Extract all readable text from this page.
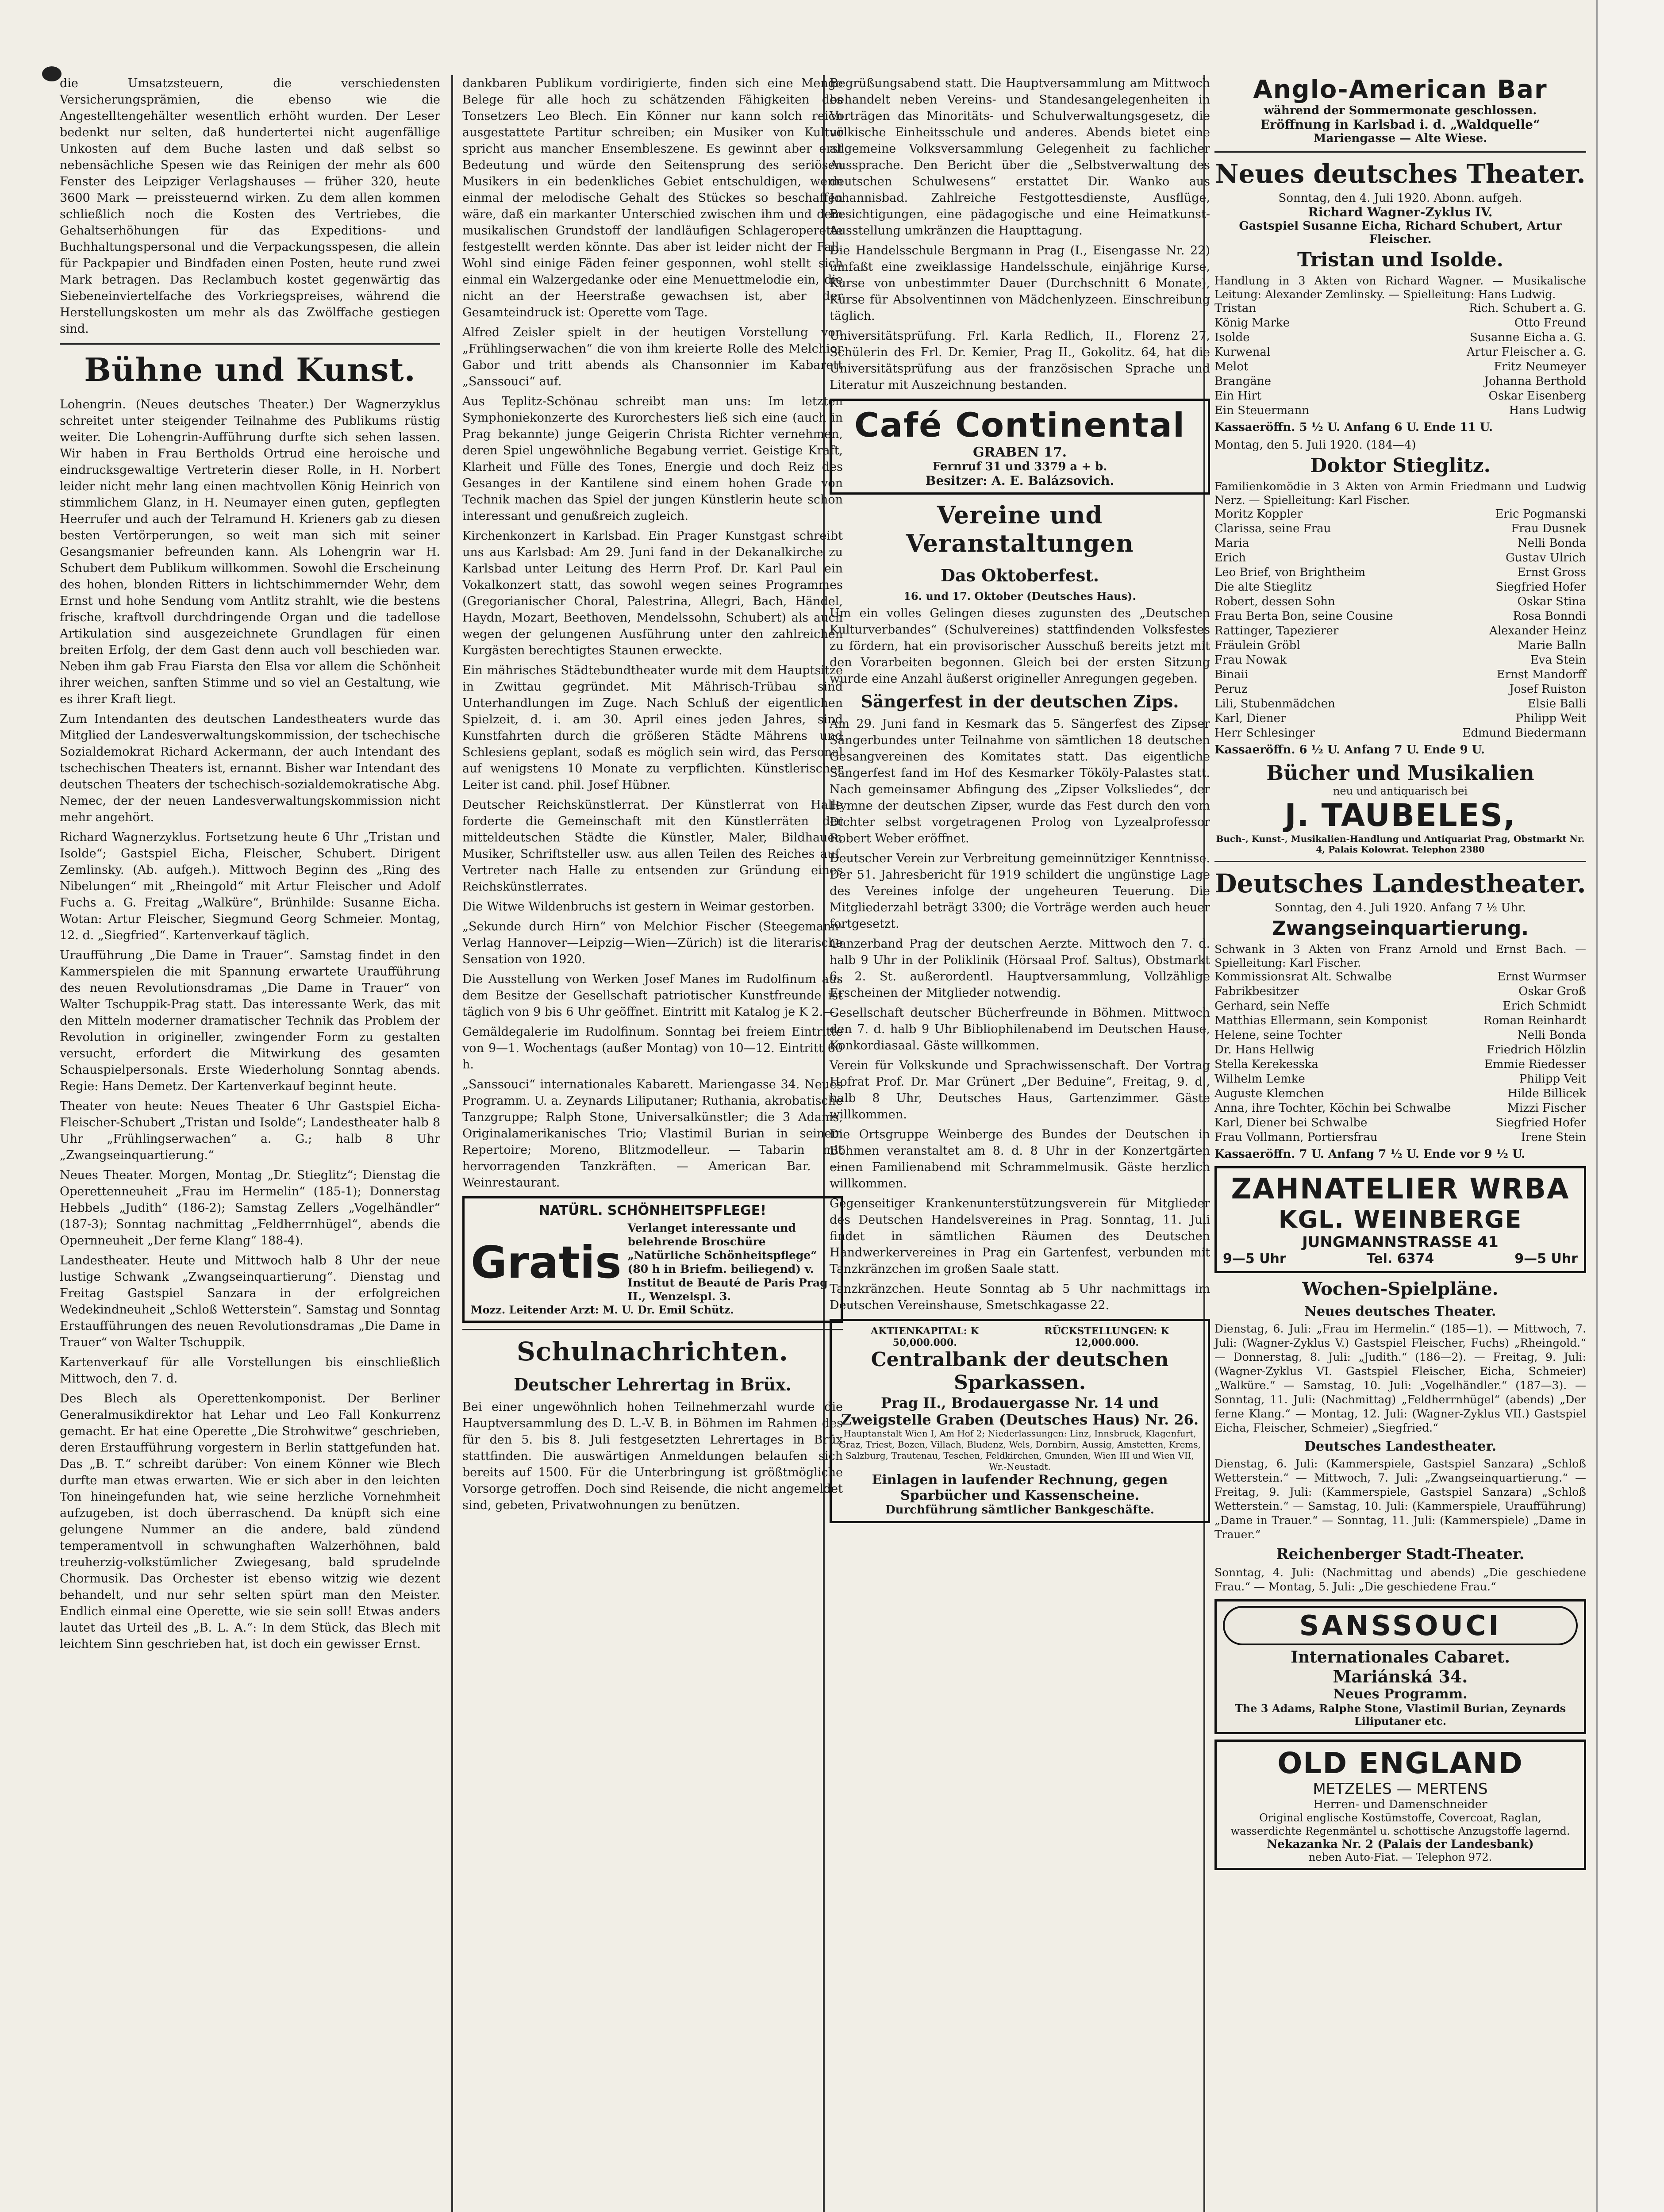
die Umsatzsteuern, die verschiedensten Versicherungsprämien, die ebenso wie die Angestelltengehälter wesentlich erhöht wurden. Der Leser bedenkt nur selten, daß hundertertei nicht augenfällige Unkosten auf dem Buche lasten und daß selbst so nebensächliche Spesen wie das Reinigen der mehr als 600 Fenster des Leipziger Verlagshauses — früher 320, heute 3600 Mark — preissteuernd wirken. Zu dem allen kommen schließlich noch die Kosten des Vertriebes, die Gehaltserhöhungen für das Expeditions- und Buchhaltungspersonal und die Verpackungsspesen, die allein für Packpapier und Bindfaden einen Posten, heute rund zwei Mark betragen. Das Reclambuch kostet gegenwärtig das Siebeneinviertelfache des Vorkriegspreises, während die Herstellungskosten um mehr als das Zwölffache gestiegen sind.

Bühne und Kunst.

Lohengrin. (Neues deutsches Theater.) Der Wagnerzyklus schreitet unter steigender Teilnahme des Publikums rüstig weiter. Die Lohengrin-Aufführung durfte sich sehen lassen. Wir haben in Frau Bertholds Ortrud eine heroische und eindrucksgewaltige Vertreterin dieser Rolle, in H. Norbert leider nicht mehr lang einen machtvollen König Heinrich von stimmlichem Glanz, in H. Neumayer einen guten, gepflegten Heerrufer und auch der Telramund H. Krieners gab zu diesen besten Vertörperungen, so weit man sich mit seiner Gesangsmanier befreunden kann. Als Lohengrin war H. Schubert dem Publikum willkommen. Sowohl die Erscheinung des hohen, blonden Ritters in lichtschimmernder Wehr, dem Ernst und hohe Sendung vom Antlitz strahlt, wie die bestens frische, kraftvoll durchdringende Organ und die tadellose Artikulation sind ausgezeichnete Grundlagen für einen breiten Erfolg, der dem Gast denn auch voll beschieden war. Neben ihm gab Frau Fiarsta den Elsa vor allem die Schönheit ihrer weichen, sanften Stimme und so viel an Gestaltung, wie es ihrer Kraft liegt.

Zum Intendanten des deutschen Landestheaters wurde das Mitglied der Landesverwaltungskommission, der tschechische Sozialdemokrat Richard Ackermann, der auch Intendant des tschechischen Theaters ist, ernannt. Bisher war Intendant des deutschen Theaters der tschechisch-sozialdemokratische Abg. Nemec, der der neuen Landesverwaltungskommission nicht mehr angehört.

Richard Wagnerzyklus. Fortsetzung heute 6 Uhr „Tristan und Isolde“; Gastspiel Eicha, Fleischer, Schubert. Dirigent Zemlinsky. (Ab. aufgeh.). Mittwoch Beginn des „Ring des Nibelungen“ mit „Rheingold“ mit Artur Fleischer und Adolf Fuchs a. G. Freitag „Walküre“, Brünhilde: Susanne Eicha. Wotan: Artur Fleischer, Siegmund Georg Schmeier. Montag, 12. d. „Siegfried“. Kartenverkauf täglich.

Uraufführung „Die Dame in Trauer“. Samstag findet in den Kammerspielen die mit Spannung erwartete Uraufführung des neuen Revolutionsdramas „Die Dame in Trauer“ von Walter Tschuppik-Prag statt. Das interessante Werk, das mit den Mitteln moderner dramatischer Technik das Problem der Revolution in origineller, zwingender Form zu gestalten versucht, erfordert die Mitwirkung des gesamten Schauspielpersonals. Erste Wiederholung Sonntag abends. Regie: Hans Demetz. Der Kartenverkauf beginnt heute.

Theater von heute: Neues Theater 6 Uhr Gastspiel Eicha-Fleischer-Schubert „Tristan und Isolde“; Landestheater halb 8 Uhr „Frühlingserwachen“ a. G.; halb 8 Uhr „Zwangseinquartierung.“

Neues Theater. Morgen, Montag „Dr. Stieglitz“; Dienstag die Operettenneuheit „Frau im Hermelin“ (185-1); Donnerstag Hebbels „Judith“ (186-2); Samstag Zellers „Vogelhändler“ (187-3); Sonntag nachmittag „Feldherrnhügel“, abends die Opernneuheit „Der ferne Klang“ 188-4).

Landestheater. Heute und Mittwoch halb 8 Uhr der neue lustige Schwank „Zwangseinquartierung“. Dienstag und Freitag Gastspiel Sanzara in der erfolgreichen Wedekindneuheit „Schloß Wetterstein“. Samstag und Sonntag Erstaufführungen des neuen Revolutionsdramas „Die Dame in Trauer“ von Walter Tschuppik.

Kartenverkauf für alle Vorstellungen bis einschließlich Mittwoch, den 7. d.

Des Blech als Operettenkomponist. Der Berliner Generalmusikdirektor hat Lehar und Leo Fall Konkurrenz gemacht. Er hat eine Operette „Die Strohwitwe“ geschrieben, deren Erstaufführung vorgestern in Berlin stattgefunden hat. Das „B. T.“ schreibt darüber: Von einem Könner wie Blech durfte man etwas erwarten. Wie er sich aber in den leichten Ton hineingefunden hat, wie seine herzliche Vornehmheit aufzugeben, ist doch überraschend. Da knüpft sich eine gelungene Nummer an die andere, bald zündend temperamentvoll in schwunghaften Walzerhöhnen, bald treuherzig-volkstümlicher Zwiegesang, bald sprudelnde Chormusik. Das Orchester ist ebenso witzig wie dezent behandelt, und nur sehr selten spürt man den Meister. Endlich einmal eine Operette, wie sie sein soll! Etwas anders lautet das Urteil des „B. L. A.“: In dem Stück, das Blech mit leichtem Sinn geschrieben hat, ist doch ein gewisser Ernst.

dankbaren Publikum vordirigierte, finden sich eine Menge Belege für alle hoch zu schätzenden Fähigkeiten des Tonsetzers Leo Blech. Ein Könner nur kann solch reich ausgestattete Partitur schreiben; ein Musiker von Kultur spricht aus mancher Ensembleszene. Es gewinnt aber erst Bedeutung und würde den Seitensprung des seriösen Musikers in ein bedenkliches Gebiet entschuldigen, wenn einmal der melodische Gehalt des Stückes so beschaffen wäre, daß ein markanter Unterschied zwischen ihm und dem musikalischen Grundstoff der landläufigen Schlageroperette festgestellt werden könnte. Das aber ist leider nicht der Fall. Wohl sind einige Fäden feiner gesponnen, wohl stellt sich einmal ein Walzergedanke oder eine Menuettmelodie ein, die nicht an der Heerstraße gewachsen ist, aber der Gesamteindruck ist: Operette vom Tage.

Alfred Zeisler spielt in der heutigen Vorstellung von „Frühlingserwachen“ die von ihm kreierte Rolle des Melchior Gabor und tritt abends als Chansonnier im Kabarett „Sanssouci“ auf.

Aus Teplitz-Schönau schreibt man uns: Im letzten Symphoniekonzerte des Kurorchesters ließ sich eine (auch in Prag bekannte) junge Geigerin Christa Richter vernehmen, deren Spiel ungewöhnliche Begabung verriet. Geistige Kraft, Klarheit und Fülle des Tones, Energie und doch Reiz des Gesanges in der Kantilene sind einem hohen Grade von Technik machen das Spiel der jungen Künstlerin heute schon interessant und genußreich zugleich.

Kirchenkonzert in Karlsbad. Ein Prager Kunstgast schreibt uns aus Karlsbad: Am 29. Juni fand in der Dekanalkirche zu Karlsbad unter Leitung des Herrn Prof. Dr. Karl Paul ein Vokalkonzert statt, das sowohl wegen seines Programmes (Gregorianischer Choral, Palestrina, Allegri, Bach, Händel, Haydn, Mozart, Beethoven, Mendelssohn, Schubert) als auch wegen der gelungenen Ausführung unter den zahlreichen Kurgästen berechtigtes Staunen erweckte.

Ein mährisches Städtebundtheater wurde mit dem Hauptsitze in Zwittau gegründet. Mit Mährisch-Trübau sind Unterhandlungen im Zuge. Nach Schluß der eigentlichen Spielzeit, d. i. am 30. April eines jeden Jahres, sind Kunstfahrten durch die größeren Städte Mährens und Schlesiens geplant, sodaß es möglich sein wird, das Personal auf wenigstens 10 Monate zu verpflichten. Künstlerischer Leiter ist cand. phil. Josef Hübner.

Deutscher Reichskünstlerrat. Der Künstlerrat von Halle forderte die Gemeinschaft mit den Künstlerräten der mitteldeutschen Städte die Künstler, Maler, Bildhauer, Musiker, Schriftsteller usw. aus allen Teilen des Reiches auf, Vertreter nach Halle zu entsenden zur Gründung eines Reichskünstlerrates.

Die Witwe Wildenbruchs ist gestern in Weimar gestorben.

„Sekunde durch Hirn“ von Melchior Fischer (Steegemann-Verlag Hannover—Leipzig—Wien—Zürich) ist die literarische Sensation von 1920.

Die Ausstellung von Werken Josef Manes im Rudolfinum aus dem Besitze der Gesellschaft patriotischer Kunstfreunde ist täglich von 9 bis 6 Uhr geöffnet. Eintritt mit Katalog je K 2.—.

Gemäldegalerie im Rudolfinum. Sonntag bei freiem Eintritte von 9—1. Wochentags (außer Montag) von 10—12. Eintritt 60 h.

„Sanssouci“ internationales Kabarett. Mariengasse 34. Neues Programm. U. a. Zeynards Liliputaner; Ruthania, akrobatische Tanzgruppe; Ralph Stone, Universalkünstler; die 3 Adams, Originalamerikanisches Trio; Vlastimil Burian in seinem Repertoire; Moreno, Blitzmodelleur. — Tabarin mit hervorragenden Tanzkräften. — American Bar. — Weinrestaurant.

NATÜRL. SCHÖNHEITSPFLEGE!
Gratis
Verlanget interessante und belehrende Broschüre „Natürliche Schönheitspflege“ (80 h in Briefm. beiliegend) v. Institut de Beauté de Paris Prag II., Wenzelspl. 3.
Mozz. Leitender Arzt: M. U. Dr. Emil Schütz.
Schulnachrichten.
Deutscher Lehrertag in Brüx.

Bei einer ungewöhnlich hohen Teilnehmerzahl wurde die Hauptversammlung des D. L.-V. B. in Böhmen im Rahmen des für den 5. bis 8. Juli festgesetzten Lehrertages in Brüx stattfinden. Die auswärtigen Anmeldungen belaufen sich bereits auf 1500. Für die Unterbringung ist größtmögliche Vorsorge getroffen. Doch sind Reisende, die nicht angemeldet sind, gebeten, Privatwohnungen zu benützen.

Begrüßungsabend statt. Die Hauptversammlung am Mittwoch behandelt neben Vereins- und Standesangelegenheiten in Vorträgen das Minoritäts- und Schulverwaltungsgesetz, die völkische Einheitsschule und anderes. Abends bietet eine allgemeine Volksversammlung Gelegenheit zu fachlicher Aussprache. Den Bericht über die „Selbstverwaltung des deutschen Schulwesens“ erstattet Dir. Wanko aus Johannisbad. Zahlreiche Festgottesdienste, Ausflüge, Besichtigungen, eine pädagogische und eine Heimatkunst-Ausstellung umkränzen die Haupttagung.

Die Handelsschule Bergmann in Prag (I., Eisengasse Nr. 22) umfaßt eine zweiklassige Handelsschule, einjährige Kurse, Kurse von unbestimmter Dauer (Durchschnitt 6 Monate), Kurse für Absolventinnen von Mädchenlyzeen. Einschreibung täglich.

Universitätsprüfung. Frl. Karla Redlich, II., Florenz 27, Schülerin des Frl. Dr. Kemier, Prag II., Gokolitz. 64, hat die Universitätsprüfung aus der französischen Sprache und Literatur mit Auszeichnung bestanden.

Café Continental
GRABEN 17.
Fernruf 31 und 3379 a + b.
Besitzer: A. E. Balázsovich.
Vereine und Veranstaltungen
Das Oktoberfest.
16. und 17. Oktober (Deutsches Haus).

Um ein volles Gelingen dieses zugunsten des „Deutschen Kulturverbandes“ (Schulvereines) stattfindenden Volksfestes zu fördern, hat ein provisorischer Ausschuß bereits jetzt mit den Vorarbeiten begonnen. Gleich bei der ersten Sitzung wurde eine Anzahl äußerst origineller Anregungen gegeben.

Sängerfest in der deutschen Zips.

Am 29. Juni fand in Kesmark das 5. Sängerfest des Zipser Sängerbundes unter Teilnahme von sämtlichen 18 deutschen Gesangvereinen des Komitates statt. Das eigentliche Sängerfest fand im Hof des Kesmarker Tököly-Palastes statt. Nach gemeinsamer Abfingung des „Zipser Volksliedes“, der Hymne der deutschen Zipser, wurde das Fest durch den vom Dichter selbst vorgetragenen Prolog von Lyzealprofessor Robert Weber eröffnet.

Deutscher Verein zur Verbreitung gemeinnütziger Kenntnisse. Der 51. Jahresbericht für 1919 schildert die ungünstige Lage des Vereines infolge der ungeheuren Teuerung. Die Mitgliederzahl beträgt 3300; die Vorträge werden auch heuer fortgesetzt.

Ganzerband Prag der deutschen Aerzte. Mittwoch den 7. d. halb 9 Uhr in der Poliklinik (Hörsaal Prof. Saltus), Obstmarkt 6, 2. St. außerordentl. Hauptversammlung, Vollzählige Erscheinen der Mitglieder notwendig.

Gesellschaft deutscher Bücherfreunde in Böhmen. Mittwoch den 7. d. halb 9 Uhr Bibliophilenabend im Deutschen Hause, Konkordiasaal. Gäste willkommen.

Verein für Volkskunde und Sprachwissenschaft. Der Vortrag Hofrat Prof. Dr. Mar Grünert „Der Beduine“, Freitag, 9. d., halb 8 Uhr, Deutsches Haus, Gartenzimmer. Gäste willkommen.

Die Ortsgruppe Weinberge des Bundes der Deutschen in Böhmen veranstaltet am 8. d. 8 Uhr in der Konzertgärten einen Familienabend mit Schrammelmusik. Gäste herzlich willkommen.

Gegenseitiger Krankenunterstützungsverein für Mitglieder des Deutschen Handelsvereines in Prag. Sonntag, 11. Juli findet in sämtlichen Räumen des Deutschen Handwerkervereines in Prag ein Gartenfest, verbunden mit Tanzkränzchen im großen Saale statt.

Tanzkränzchen. Heute Sonntag ab 5 Uhr nachmittags im Deutschen Vereinshause, Smetschkagasse 22.

AKTIENKAPITAL: K 50,000.000.
RÜCKSTELLUNGEN: K 12,000.000.
Centralbank der deutschen Sparkassen.
Prag II., Brodauergasse Nr. 14 und Zweigstelle Graben (Deutsches Haus) Nr. 26.
Hauptanstalt Wien I, Am Hof 2; Niederlassungen: Linz, Innsbruck, Klagenfurt, Graz, Triest, Bozen, Villach, Bludenz, Wels, Dornbirn, Aussig, Amstetten, Krems, Salzburg, Trautenau, Teschen, Feldkirchen, Gmunden, Wien III und Wien VII, Wr.-Neustadt.
Einlagen in laufender Rechnung, gegen
Sparbücher und Kassenscheine.
Durchführung sämtlicher Bankgeschäfte.
Anglo-American Bar
während der Sommermonate geschlossen.
Eröffnung in Karlsbad i. d. „Waldquelle“
Mariengasse — Alte Wiese.
Neues deutsches Theater.
Sonntag, den 4. Juli 1920. Abonn. aufgeh.
Richard Wagner-Zyklus IV.
Gastspiel Susanne Eicha, Richard Schubert, Artur Fleischer.
Tristan und Isolde.
Handlung in 3 Akten von Richard Wagner. — Musikalische Leitung: Alexander Zemlinsky. — Spielleitung: Hans Ludwig.
Tristan	Rich. Schubert a. G.
König Marke	Otto Freund
Isolde	Susanne Eicha a. G.
Kurwenal	Artur Fleischer a. G.
Melot	Fritz Neumeyer
Brangäne	Johanna Berthold
Ein Hirt	Oskar Eisenberg
Ein Steuermann	Hans Ludwig
Kassaeröffn. 5 ½ U. Anfang 6 U. Ende 11 U.
Montag, den 5. Juli 1920. (184—4)
Doktor Stieglitz.
Familienkomödie in 3 Akten von Armin Friedmann und Ludwig Nerz. — Spielleitung: Karl Fischer.
Moritz Koppler	Eric Pogmanski
Clarissa, seine Frau	Frau Dusnek
Maria	Nelli Bonda
Erich	Gustav Ulrich
Leo Brief, von Brightheim	Ernst Gross
Die alte Stieglitz	Siegfried Hofer
Robert, dessen Sohn	Oskar Stina
Frau Berta Bon, seine Cousine	Rosa Bonndi
Rattinger, Tapezierer	Alexander Heinz
Fräulein Gröbl	Marie Balln
Frau Nowak	Eva Stein
Binaii	Ernst Mandorff
Peruz	Josef Ruiston
Lili, Stubenmädchen	Elsie Balli
Karl, Diener	Philipp Weit
Herr Schlesinger	Edmund Biedermann
Kassaeröffn. 6 ½ U. Anfang 7 U. Ende 9 U.
Bücher und Musikalien
neu und antiquarisch bei
J. TAUBELES,
Buch-, Kunst-, Musikalien-Handlung und Antiquariat Prag, Obstmarkt Nr. 4, Palais Kolowrat. Telephon 2380
Deutsches Landestheater.
Sonntag, den 4. Juli 1920. Anfang 7 ½ Uhr.
Zwangseinquartierung.
Schwank in 3 Akten von Franz Arnold und Ernst Bach. — Spielleitung: Karl Fischer.
Kommissionsrat Alt. Schwalbe	Ernst Wurmser
Fabrikbesitzer	Oskar Groß
Gerhard, sein Neffe	Erich Schmidt
Matthias Ellermann, sein Komponist	Roman Reinhardt
Helene, seine Tochter	Nelli Bonda
Dr. Hans Hellwig	Friedrich Hölzlin
Stella Kerekesska	Emmie Riedesser
Wilhelm Lemke	Philipp Veit
Auguste Klemchen	Hilde Billicek
Anna, ihre Tochter, Köchin bei Schwalbe	Mizzi Fischer
Karl, Diener bei Schwalbe	Siegfried Hofer
Frau Vollmann, Portiersfrau	Irene Stein
Kassaeröffn. 7 U. Anfang 7 ½ U. Ende vor 9 ½ U.
ZAHNATELIER WRBA
KGL. WEINBERGE
JUNGMANNSTRASSE 41
9—5 Uhr	Tel. 6374	9—5 Uhr
Wochen-Spielpläne.
Neues deutsches Theater.

Dienstag, 6. Juli: „Frau im Hermelin.“ (185—1). — Mittwoch, 7. Juli: (Wagner-Zyklus V.) Gastspiel Fleischer, Fuchs) „Rheingold.“ — Donnerstag, 8. Juli: „Judith.“ (186—2). — Freitag, 9. Juli: (Wagner-Zyklus VI. Gastspiel Fleischer, Eicha, Schmeier) „Walküre.“ — Samstag, 10. Juli: „Vogelhändler.“ (187—3). — Sonntag, 11. Juli: (Nachmittag) „Feldherrnhügel“ (abends) „Der ferne Klang.“ — Montag, 12. Juli: (Wagner-Zyklus VII.) Gastspiel Eicha, Fleischer, Schmeier) „Siegfried.“

Deutsches Landestheater.

Dienstag, 6. Juli: (Kammerspiele, Gastspiel Sanzara) „Schloß Wetterstein.“ — Mittwoch, 7. Juli: „Zwangseinquartierung.“ — Freitag, 9. Juli: (Kammerspiele, Gastspiel Sanzara) „Schloß Wetterstein.“ — Samstag, 10. Juli: (Kammerspiele, Uraufführung) „Dame in Trauer.“ — Sonntag, 11. Juli: (Kammerspiele) „Dame in Trauer.“

Reichenberger Stadt-Theater.

Sonntag, 4. Juli: (Nachmittag und abends) „Die geschiedene Frau.“ — Montag, 5. Juli: „Die geschiedene Frau.“

SANSSOUCI
Internationales Cabaret.
Mariánská 34.
Neues Programm.
The 3 Adams, Ralphe Stone, Vlastimil Burian, Zeynards Liliputaner etc.
OLD ENGLAND
METZELES — MERTENS
Herren- und Damenschneider
Original englische Kostümstoffe, Covercoat, Raglan, wasserdichte Regenmäntel u. schottische Anzugstoffe lagernd.
Nekazanka Nr. 2 (Palais der Landesbank)
neben Auto-Fiat. — Telephon 972.
